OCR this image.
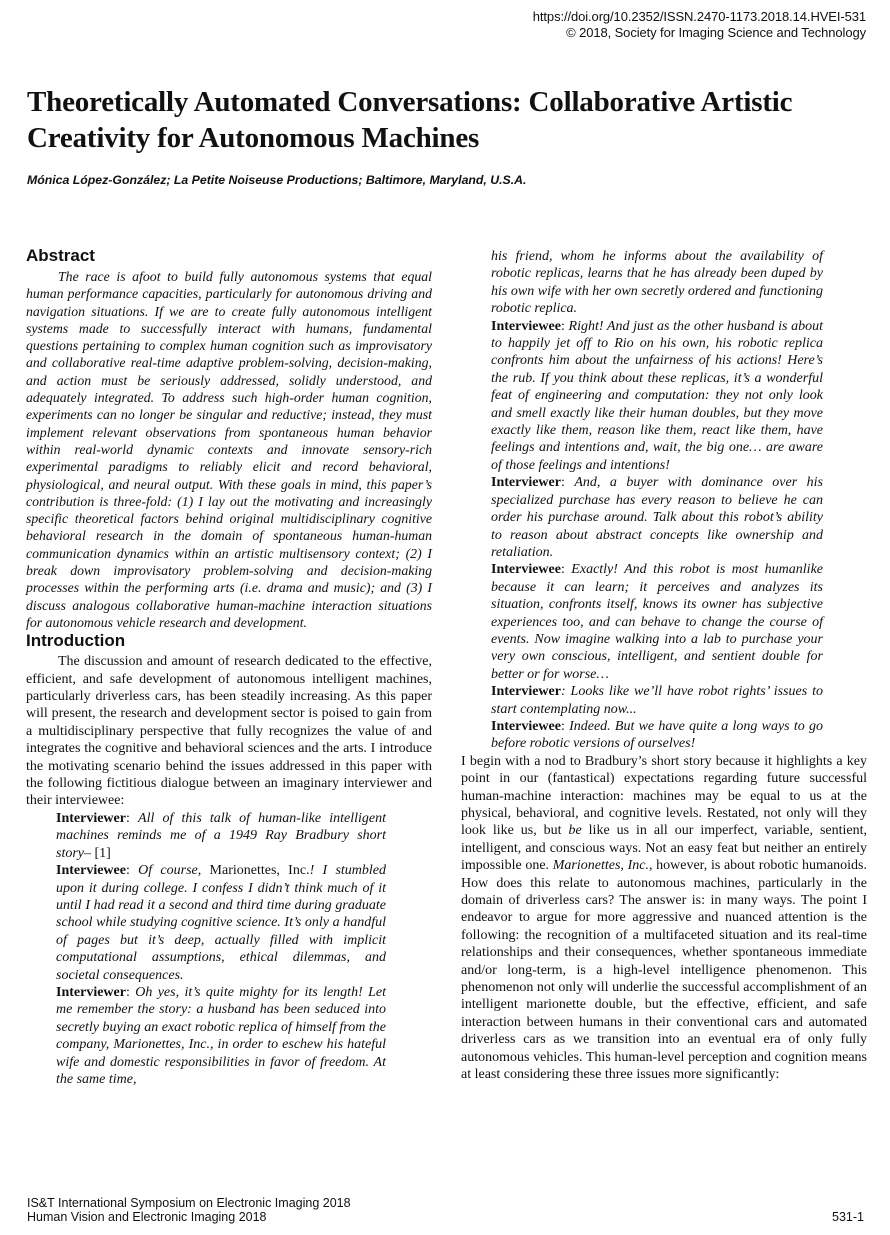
https://doi.org/10.2352/ISSN.2470-1173.2018.14.HVEI-531
© 2018, Society for Imaging Science and Technology
Theoretically Automated Conversations: Collaborative Artistic Creativity for Autonomous Machines
Mónica López-González; La Petite Noiseuse Productions; Baltimore, Maryland, U.S.A.
Abstract

The race is afoot to build fully autonomous systems that equal human performance capacities, particularly for autonomous driving and navigation situations. If we are to create fully autonomous intelligent systems made to successfully interact with humans, fundamental questions pertaining to complex human cognition such as improvisatory and collaborative real-time adaptive problem-solving, decision-making, and action must be seriously addressed, solidly understood, and adequately integrated. To address such high-order human cognition, experiments can no longer be singular and reductive; instead, they must implement relevant observations from spontaneous human behavior within real-world dynamic contexts and innovate sensory-rich experimental paradigms to reliably elicit and record behavioral, physiological, and neural output. With these goals in mind, this paper’s contribution is three-fold: (1) I lay out the motivating and increasingly specific theoretical factors behind original multidisciplinary cognitive behavioral research in the domain of spontaneous human-human communication dynamics within an artistic multisensory context; (2) I break down improvisatory problem-solving and decision-making processes within the performing arts (i.e. drama and music); and (3) I discuss analogous collaborative human-machine interaction situations for autonomous vehicle research and development.

Introduction

The discussion and amount of research dedicated to the effective, efficient, and safe development of autonomous intelligent machines, particularly driverless cars, has been steadily increasing. As this paper will present, the research and development sector is poised to gain from a multidisciplinary perspective that fully recognizes the value of and integrates the cognitive and behavioral sciences and the arts. I introduce the motivating scenario behind the issues addressed in this paper with the following fictitious dialogue between an imaginary interviewer and their interviewee:

Interviewer: All of this talk of human-like intelligent machines reminds me of a 1949 Ray Bradbury short story– [1]

Interviewee: Of course, Marionettes, Inc.! I stumbled upon it during college. I confess I didn’t think much of it until I had read it a second and third time during graduate school while studying cognitive science. It’s only a handful of pages but it’s deep, actually filled with implicit computational assumptions, ethical dilemmas, and societal consequences.

Interviewer: Oh yes, it’s quite mighty for its length! Let me remember the story: a husband has been seduced into secretly buying an exact robotic replica of himself from the company, Marionettes, Inc., in order to eschew his hateful wife and domestic responsibilities in favor of freedom. At the same time,

his friend, whom he informs about the availability of robotic replicas, learns that he has already been duped by his own wife with her own secretly ordered and functioning robotic replica.

Interviewee: Right! And just as the other husband is about to happily jet off to Rio on his own, his robotic replica confronts him about the unfairness of his actions! Here’s the rub. If you think about these replicas, it’s a wonderful feat of engineering and computation: they not only look and smell exactly like their human doubles, but they move exactly like them, reason like them, react like them, have feelings and intentions and, wait, the big one… are aware of those feelings and intentions!

Interviewer: And, a buyer with dominance over his specialized purchase has every reason to believe he can order his purchase around. Talk about this robot’s ability to reason about abstract concepts like ownership and retaliation.

Interviewee: Exactly! And this robot is most humanlike because it can learn; it perceives and analyzes its situation, confronts itself, knows its owner has subjective experiences too, and can behave to change the course of events. Now imagine walking into a lab to purchase your very own conscious, intelligent, and sentient double for better or for worse…

Interviewer: Looks like we’ll have robot rights’ issues to start contemplating now...

Interviewee: Indeed. But we have quite a long ways to go before robotic versions of ourselves!

I begin with a nod to Bradbury’s short story because it highlights a key point in our (fantastical) expectations regarding future successful human-machine interaction: machines may be equal to us at the physical, behavioral, and cognitive levels. Restated, not only will they look like us, but be like us in all our imperfect, variable, sentient, intelligent, and conscious ways. Not an easy feat but neither an entirely impossible one. Marionettes, Inc., however, is about robotic humanoids. How does this relate to autonomous machines, particularly in the domain of driverless cars? The answer is: in many ways. The point I endeavor to argue for more aggressive and nuanced attention is the following: the recognition of a multifaceted situation and its real-time relationships and their consequences, whether spontaneous immediate and/or long-term, is a high-level intelligence phenomenon. This phenomenon not only will underlie the successful accomplishment of an intelligent marionette double, but the effective, efficient, and safe interaction between humans in their conventional cars and automated driverless cars as we transition into an eventual era of only fully autonomous vehicles. This human-level perception and cognition means at least considering these three issues more significantly:

IS&T International Symposium on Electronic Imaging 2018
Human Vision and Electronic Imaging 2018	531-1
